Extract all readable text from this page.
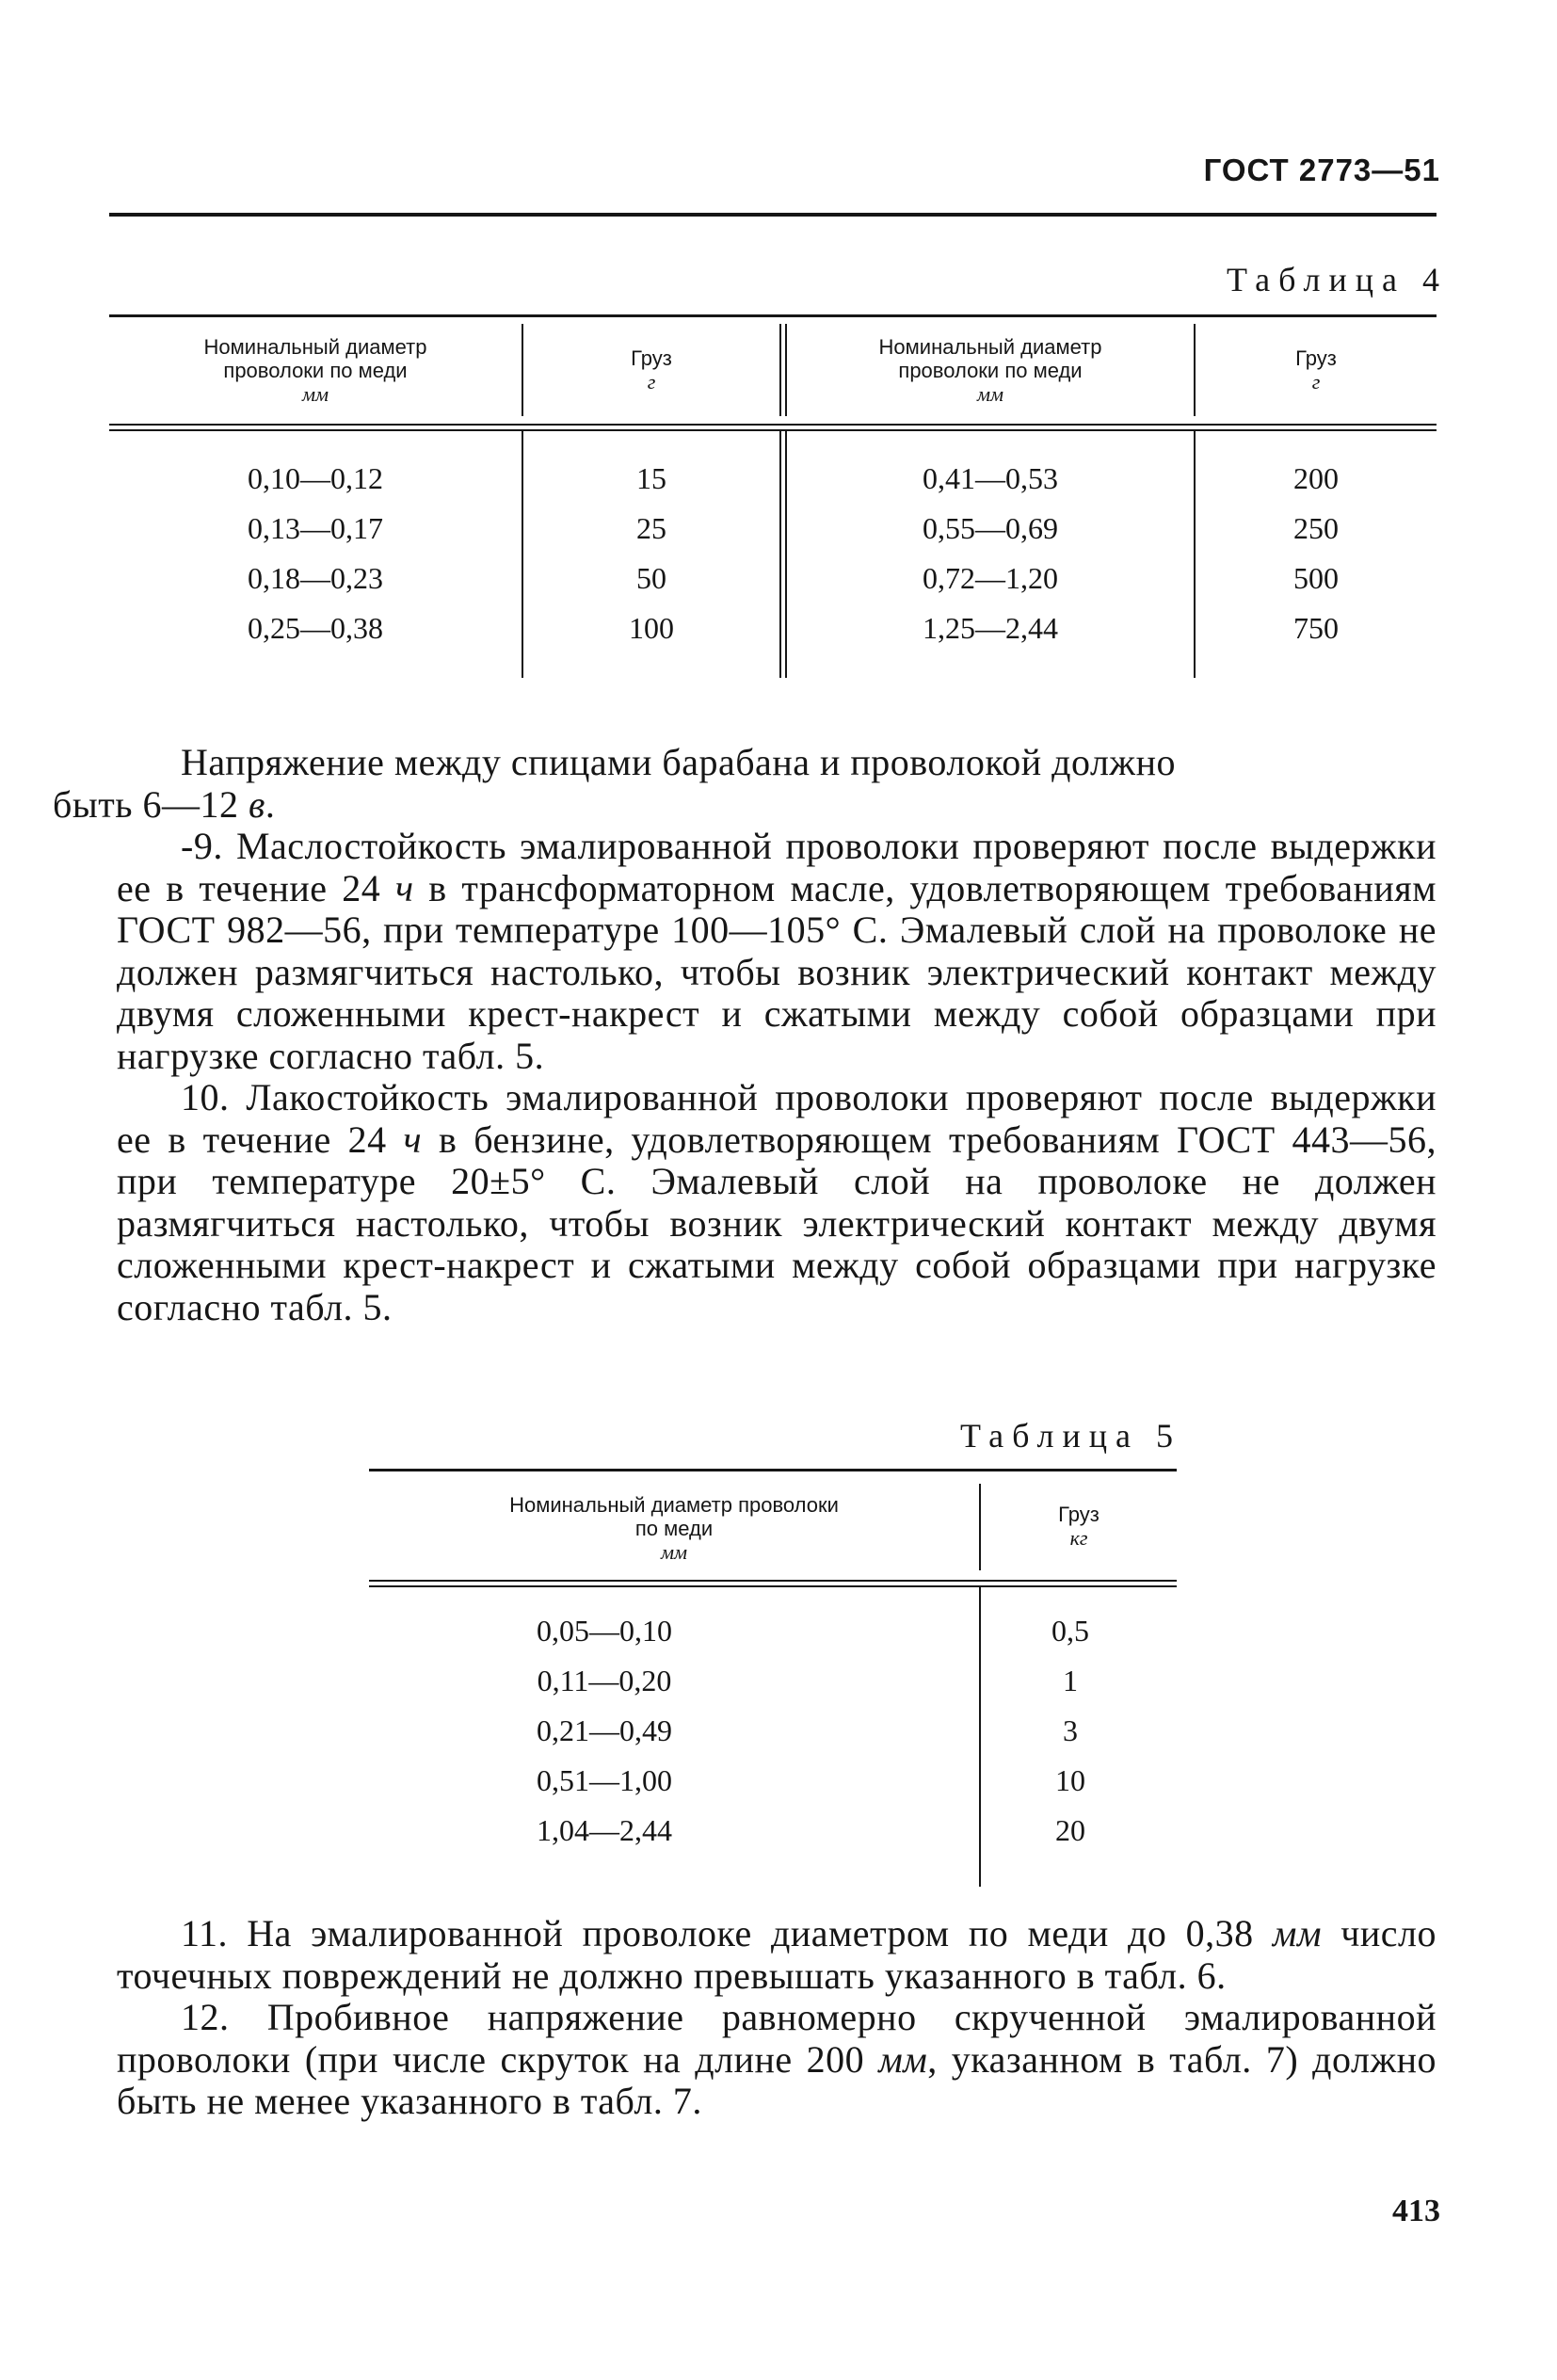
ГОСТ 2773—51
Таблица 4
Номинальный диаметр
проволоки по меди
мм
Груз
г
Номинальный диаметр
проволоки по меди
мм
Груз
г
0,10—0,12
0,13—0,17
0,18—0,23
0,25—0,38
15
25
50
100
0,41—0,53
0,55—0,69
0,72—1,20
1,25—2,44
200
250
500
750

Напряжение между спицами барабана и проволокой должно
быть 6—12 в.

-9. Маслостойкость эмалированной проволоки проверяют после выдержки ее в течение 24 ч в трансформаторном масле, удовлетворяющем требованиям ГОСТ 982—56, при температуре 100—105° С. Эмалевый слой на проволоке не должен размягчиться настолько, чтобы возник электрический контакт между двумя сложенными крест-накрест и сжатыми между собой образцами при нагрузке согласно табл. 5.

10. Лакостойкость эмалированной проволоки проверяют после выдержки ее в течение 24 ч в бензине, удовлетворяющем требованиям ГОСТ 443—56, при температуре 20±5° С. Эмалевый слой на проволоке не должен размягчиться настолько, чтобы возник электрический контакт между двумя сложенными крест-накрест и сжатыми между собой образцами при нагрузке согласно табл. 5.

Таблица 5
Номинальный диаметр проволоки
по меди
мм
Груз
кг
0,05—0,10
0,11—0,20
0,21—0,49
0,51—1,00
1,04—2,44
0,5
1
3
10
20

11. На эмалированной проволоке диаметром по меди до 0,38 мм число точечных повреждений не должно превышать указанного в табл. 6.

12. Пробивное напряжение равномерно скрученной эмалированной проволоки (при числе скруток на длине 200 мм, указанном в табл. 7) должно быть не менее указанного в табл. 7.

413
